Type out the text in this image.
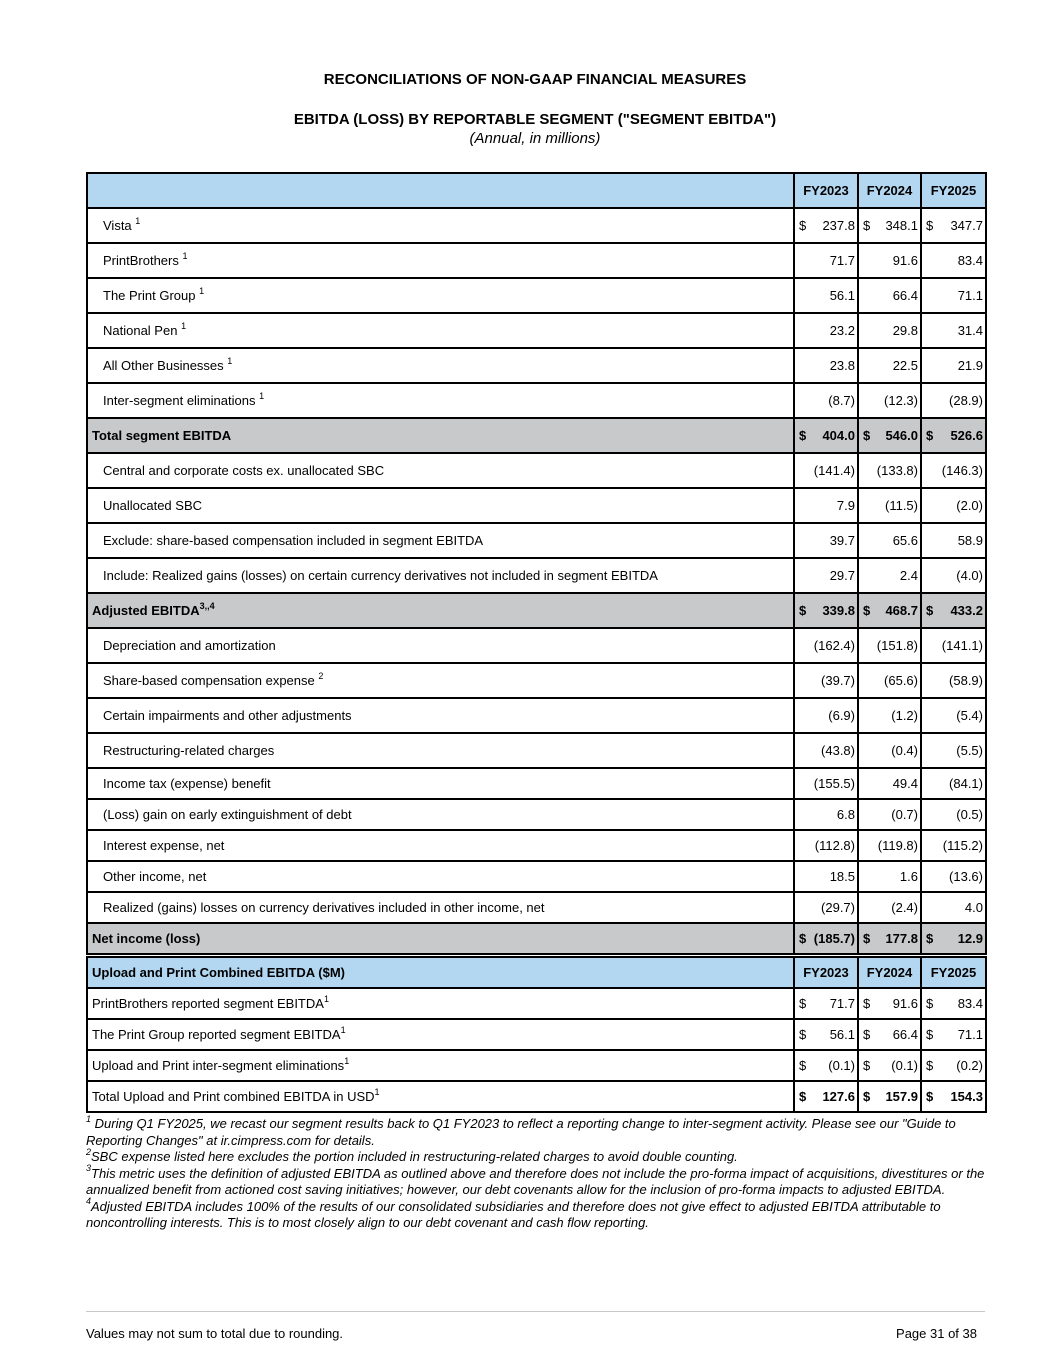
RECONCILIATIONS OF NON-GAAP FINANCIAL MEASURES
EBITDA (LOSS) BY REPORTABLE SEGMENT ("SEGMENT EBITDA")
(Annual, in millions)
	FY2023	FY2024	FY2025
Vista $^1$	$ 237.8	$ 348.1	$ 347.7

PrintBrothers $^1$	71.7	91.6	83.4

The Print Group $^1$	56.1	66.4	71.1

National Pen $^1$	23.2	29.8	31.4

All Other Businesses $^1$	23.8	22.5	21.9

Inter-segment eliminations $^1$	(8.7)	(12.3)	(28.9)

Total segment EBITDA	$ 404.0	$ 546.0	$ 526.6

Central and corporate costs ex. unallocated SBC	(141.4)	(133.8)	(146.3)

Unallocated SBC	7.9	(11.5)	(2.0)

Exclude: share-based compensation included in segment EBITDA	39.7	65.6	58.9

Include: Realized gains (losses) on certain currency derivatives not included in segment EBITDA	29.7	2.4	(4.0)

Adjusted $EBITDA^{3,,4}$	$ 339.8	$ 468.7	$ 433.2

Depreciation and amortization	(162.4)	(151.8)	(141.1)

Share-based compensation expense $^2$	(39.7)	(65.6)	(58.9)

Certain impairments and other adjustments	(6.9)	(1.2)	(5.4)

Restructuring-related charges	(43.8)	(0.4)	(5.5)

Income tax (expense) benefit	(155.5)	49.4	(84.1)

(Loss) gain on early extinguishment of debt	6.8	(0.7)	(0.5)

Interest expense, net	(112.8)	(119.8)	(115.2)

Other income, net	18.5	1.6	(13.6)

Realized (gains) losses on currency derivatives included in other income, net	(29.7)	(2.4)	4.0

Net income (loss)	$ (185.7)	$ 177.8	$ 12.9
Upload and Print Combined EBITDA ($M)	FY2023	FY2024	FY2025
PrintBrothers reported segment EBITDA$^1$	$ 71.7	$ 91.6	$ 83.4

The Print Group reported segment EBITDA$^1$	$ 56.1	$ 66.4	$ 71.1

Upload and Print inter-segment eliminations$^1$	$ (0.1)	$ (0.1)	$ (0.2)

Total Upload and Print combined EBITDA in USD$^1$	$ 127.6	$ 157.9	$ 154.3

$^1$ During Q1 FY2025, we recast our segment results back to Q1 FY2023 to reflect a reporting change to inter-segment activity. Please see our "Guide to Reporting Changes" at ir.cimpress.com for details.

$^2$SBC expense listed here excludes the portion included in restructuring-related charges to avoid double counting.

$^3$This metric uses the definition of adjusted EBITDA as outlined above and therefore does not include the pro-forma impact of acquisitions, divestitures or the annualized benefit from actioned cost saving initiatives; however, our debt covenants allow for the inclusion of pro-forma impacts to adjusted EBITDA.

$^4$Adjusted EBITDA includes 100% of the results of our consolidated subsidiaries and therefore does not give effect to adjusted EBITDA attributable to noncontrolling interests. This is to most closely align to our debt covenant and cash flow reporting.

Values may not sum to total due to rounding.	Page 31 of 38
